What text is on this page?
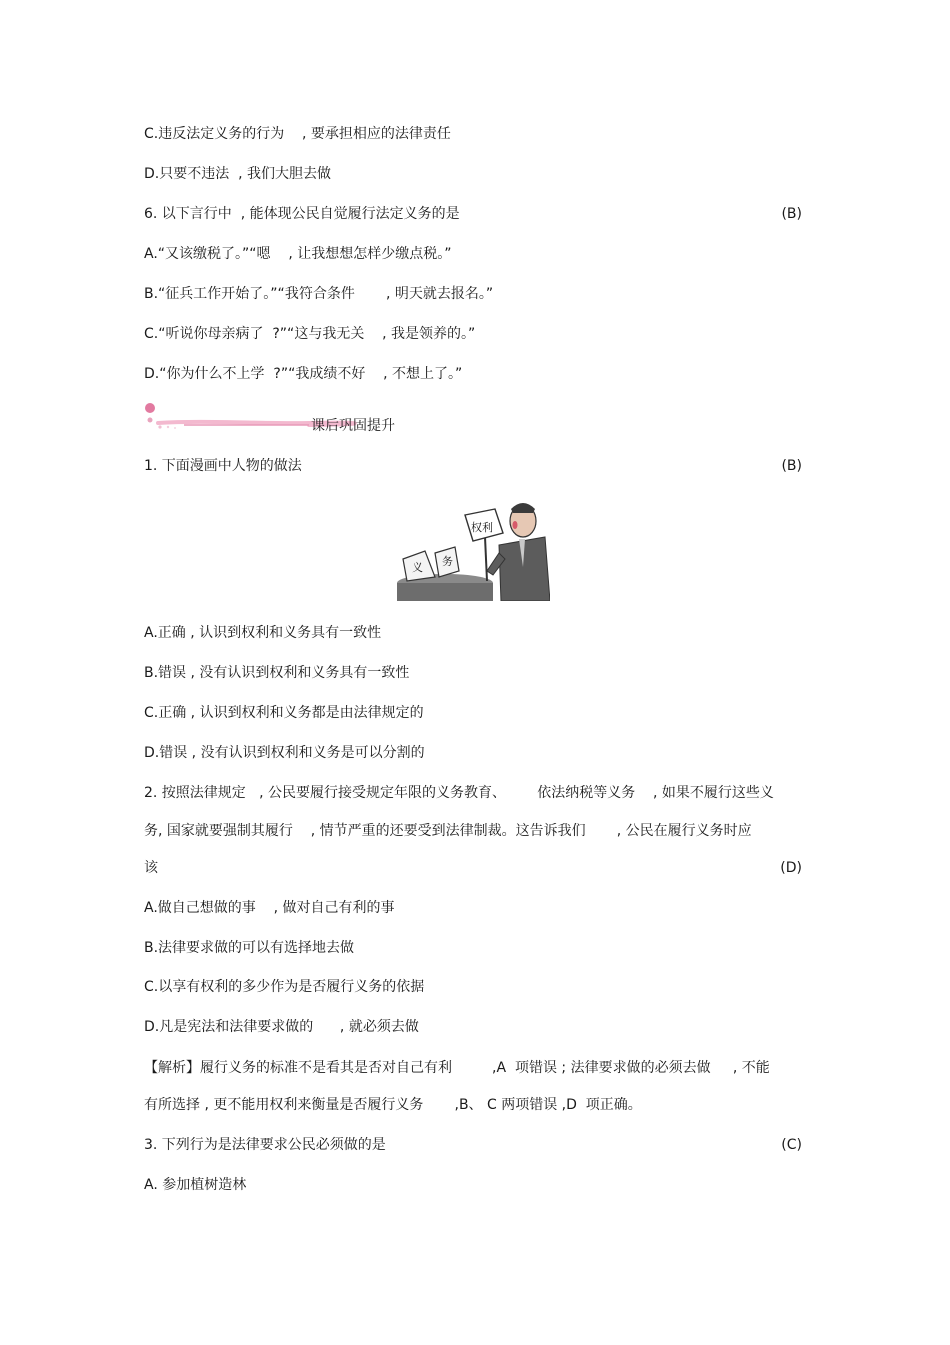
C.违反法定义务的行为    , 要承担相应的法律责任
D.只要不违法  , 我们大胆去做
6. 以下言行中  , 能体现公民自觉履行法定义务的是	(B)
A.“又该缴税了。”“嗯    , 让我想想怎样少缴点税。”
B.“征兵工作开始了。”“我符合条件       , 明天就去报名。”
C.“听说你母亲病了  ?”“这与我无关    , 我是领养的。”
D.“你为什么不上学  ?”“我成绩不好    , 不想上了。”
课后巩固提升
1. 下面漫画中人物的做法	(B)
义 务
权利
A.正确 , 认识到权利和义务具有一致性
B.错误 , 没有认识到权利和义务具有一致性
C.正确 , 认识到权利和义务都是由法律规定的
D.错误 , 没有认识到权利和义务是可以分割的
2. 按照法律规定   , 公民要履行接受规定年限的义务教育、       依法纳税等义务    , 如果不履行这些义
务, 国家就要强制其履行    , 情节严重的还要受到法律制裁。这告诉我们       , 公民在履行义务时应
该	(D)
A.做自己想做的事    , 做对自己有利的事
B.法律要求做的可以有选择地去做
C.以享有权利的多少作为是否履行义务的依据
D.凡是宪法和法律要求做的      , 就必须去做
【解析】履行义务的标准不是看其是否对自己有利         ,A  项错误 ; 法律要求做的必须去做     , 不能
有所选择 , 更不能用权利来衡量是否履行义务       ,B、 C 两项错误 ,D  项正确。
3. 下列行为是法律要求公民必须做的是	(C)
A. 参加植树造林
